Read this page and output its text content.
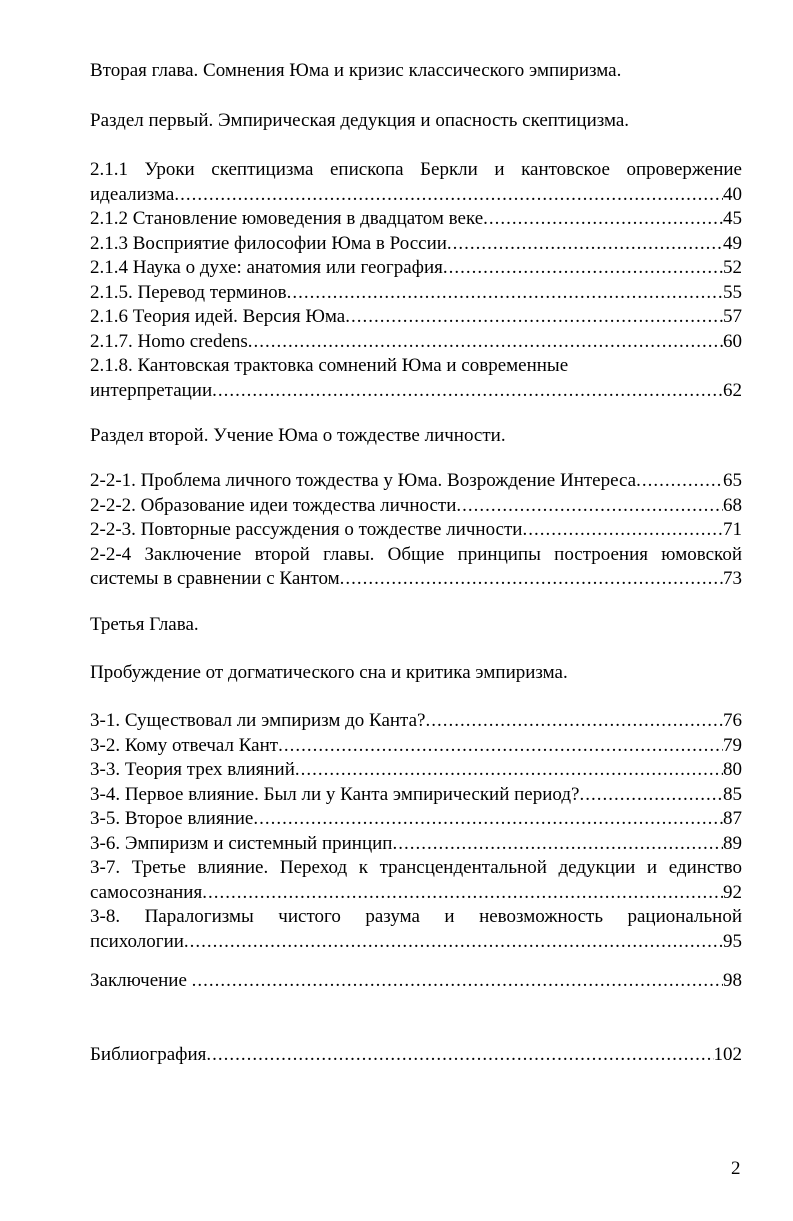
Вторая глава. Сомнения Юма и кризис классического эмпиризма.
Раздел первый. Эмпирическая дедукция и опасность скептицизма.
2.1.1 Уроки скептицизма епископа Беркли и кантовское опровержение
идеализма .....	40
2.1.2 Становление юмоведения в двадцатом веке .....	45
2.1.3 Восприятие философии Юма в России .....	49
2.1.4 Наука о духе: анатомия или география .....	52
2.1.5. Перевод терминов .....	55
2.1.6 Теория идей. Версия Юма .....	57
2.1.7. Homo credens .....	60
2.1.8. Кантовская трактовка сомнений Юма и современные
интерпретации .....	62
Раздел второй. Учение Юма о тождестве личности.
2-2-1. Проблема личного тождества у Юма. Возрождение Интереса .....	65
2-2-2. Образование идеи тождества личности .....	68
2-2-3. Повторные рассуждения о тождестве личности .....	71
2-2-4 Заключение второй главы. Общие принципы построения юмовской
системы в сравнении с Кантом .....	73
Третья Глава.
Пробуждение от догматического сна и критика эмпиризма.
3-1. Существовал ли эмпиризм до Канта? .....	76
3-2. Кому отвечал Кант .....	79
3-3. Теория трех влияний .....	80
3-4. Первое влияние. Был ли у Канта эмпирический период? .....	85
3-5. Второе влияние .....	87
3-6. Эмпиризм и системный принцип .....	89
3-7. Третье влияние. Переход к трансцендентальной дедукции и единство
самосознания .....	92
3-8. Паралогизмы чистого разума и невозможность рациональной
психологии .....	95
Заключение .....	98
Библиография .....	102
2
